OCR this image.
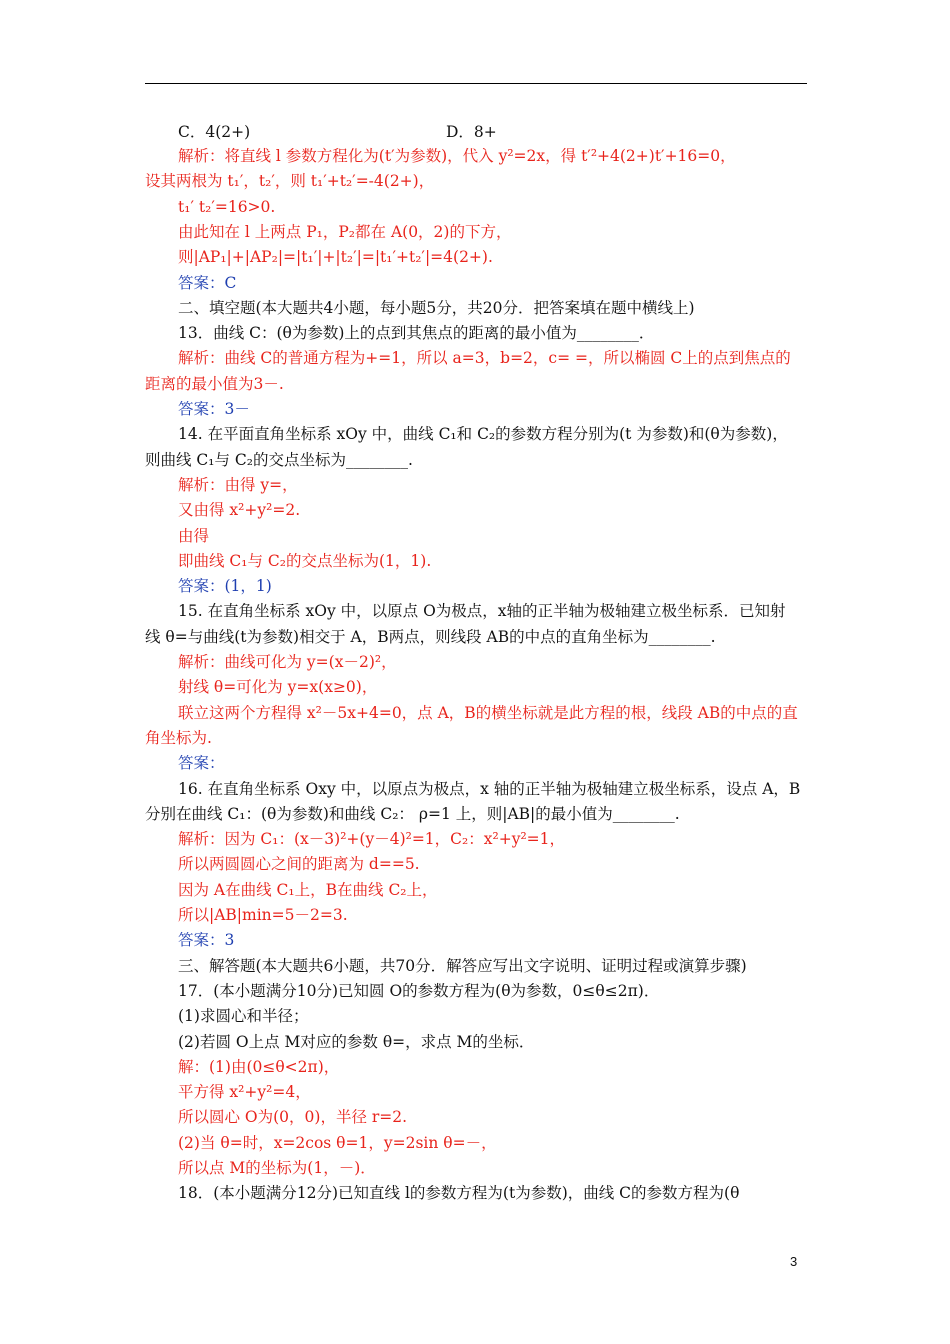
C．4(2+)	D．8+
解析：将直线 l 参数方程化为(t′为参数)，代入 y²=2x，得 t′²+4(2+)t′+16=0，
设其两根为 t₁′，t₂′，则 t₁′+t₂′=-4(2+)，
t₁′ t₂′=16>0.
由此知在 l 上两点 P₁，P₂都在 A(0，2)的下方，
则|AP₁|+|AP₂|=|t₁′|+|t₂′|=|t₁′+t₂′|=4(2+).
答案：C
二、填空题(本大题共4小题，每小题5分，共20分．把答案填在题中横线上)
13．曲线 C：(θ为参数)上的点到其焦点的距离的最小值为________．
解析：曲线 C的普通方程为+=1，所以 a=3，b=2，c= =，所以椭圆 C上的点到焦点的
距离的最小值为3－.
答案：3－
14. 在平面直角坐标系 xOy 中，曲线 C₁和 C₂的参数方程分别为(t 为参数)和(θ为参数)，
则曲线 C₁与 C₂的交点坐标为________.
解析：由得 y=，
又由得 x²+y²=2.
由得
即曲线 C₁与 C₂的交点坐标为(1，1).
答案：(1，1)
15. 在直角坐标系 xOy 中，以原点 O为极点，x轴的正半轴为极轴建立极坐标系．已知射
线 θ=与曲线(t为参数)相交于 A，B两点，则线段 AB的中点的直角坐标为________.
解析：曲线可化为 y=(x－2)²，
射线 θ=可化为 y=x(x≥0)，
联立这两个方程得 x²－5x+4=0，点 A，B的横坐标就是此方程的根，线段 AB的中点的直
角坐标为.
答案：
16. 在直角坐标系 Oxy 中，以原点为极点，x 轴的正半轴为极轴建立极坐标系，设点 A，B
分别在曲线 C₁：(θ为参数)和曲线 C₂： ρ=1 上，则|AB|的最小值为________.
解析：因为 C₁：(x－3)²+(y－4)²=1，C₂：x²+y²=1，
所以两圆圆心之间的距离为 d==5.
因为 A在曲线 C₁上，B在曲线 C₂上，
所以|AB|min=5－2=3.
答案：3
三、解答题(本大题共6小题，共70分．解答应写出文字说明、证明过程或演算步骤)
17．(本小题满分10分)已知圆 O的参数方程为(θ为参数，0≤θ≤2π)．
(1)求圆心和半径；
(2)若圆 O上点 M对应的参数 θ=，求点 M的坐标．
解：(1)由(0≤θ<2π)，
平方得 x²+y²=4，
所以圆心 O为(0，0)，半径 r=2.
(2)当 θ=时，x=2cos θ=1，y=2sin θ=－，
所以点 M的坐标为(1，－)．
18．(本小题满分12分)已知直线 l的参数方程为(t为参数)，曲线 C的参数方程为(θ
3
